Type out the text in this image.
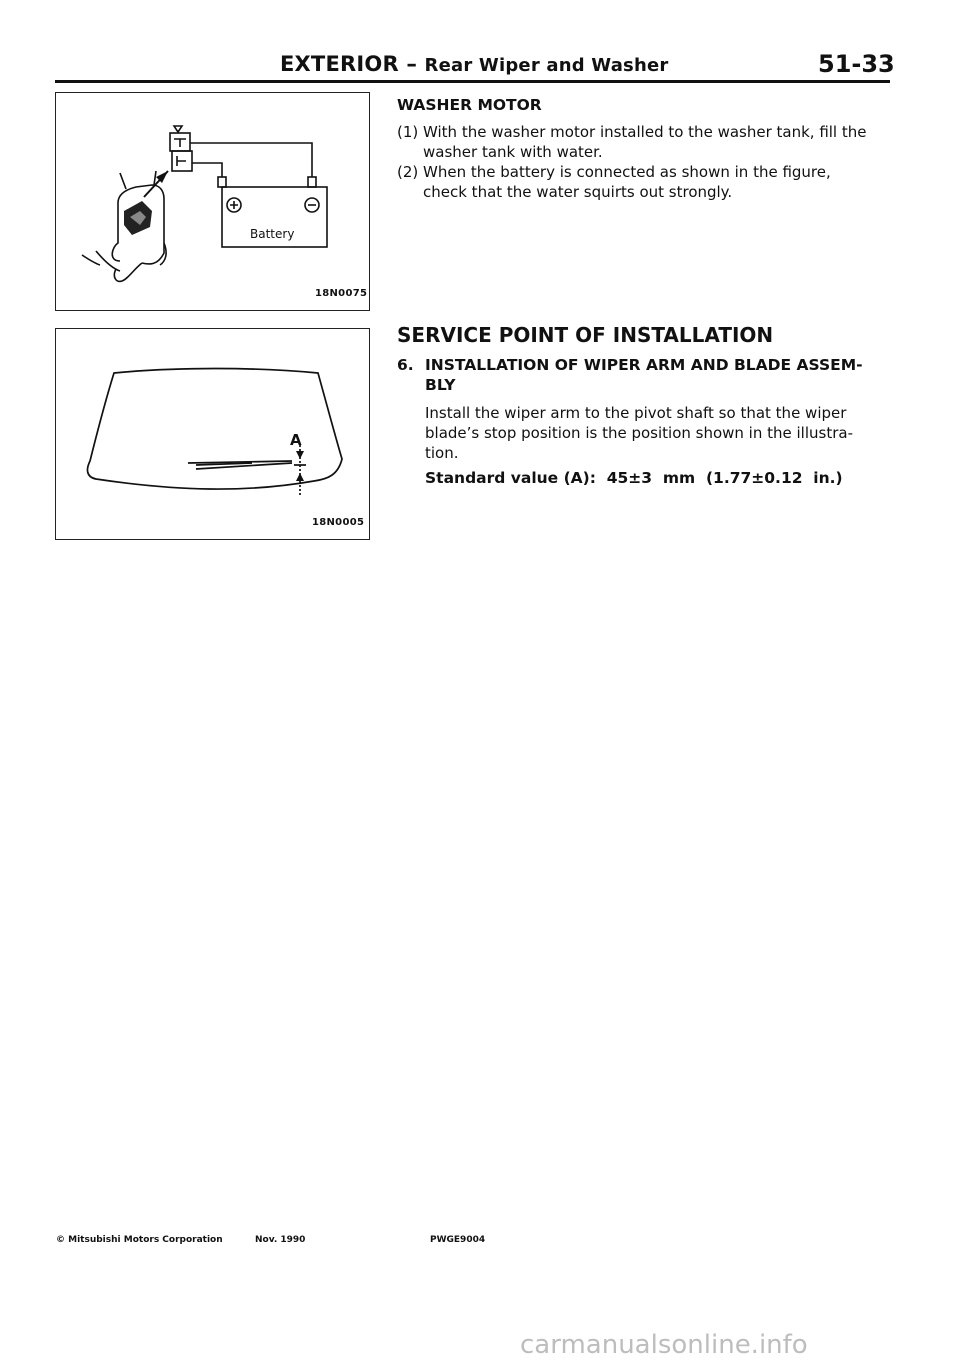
EXTERIOR – Rear Wiper and Washer	51-33
Battery
18N0075
A
18N0005
WASHER MOTOR
(1) With the washer motor installed to the washer tank, fill the
washer tank with water.
(2) When the battery is connected as shown in the figure,
check that the water squirts out strongly.
SERVICE POINT OF INSTALLATION
6. INSTALLATION OF WIPER ARM AND BLADE ASSEM-
BLY
Install the wiper arm to the pivot shaft so that the wiper
blade’s stop position is the position shown in the illustra-
tion.
Standard value (A):  45±3  mm  (1.77±0.12  in.)
© Mitsubishi Motors Corporation	Nov. 1990	PWGE9004
carmanualsonline.info
